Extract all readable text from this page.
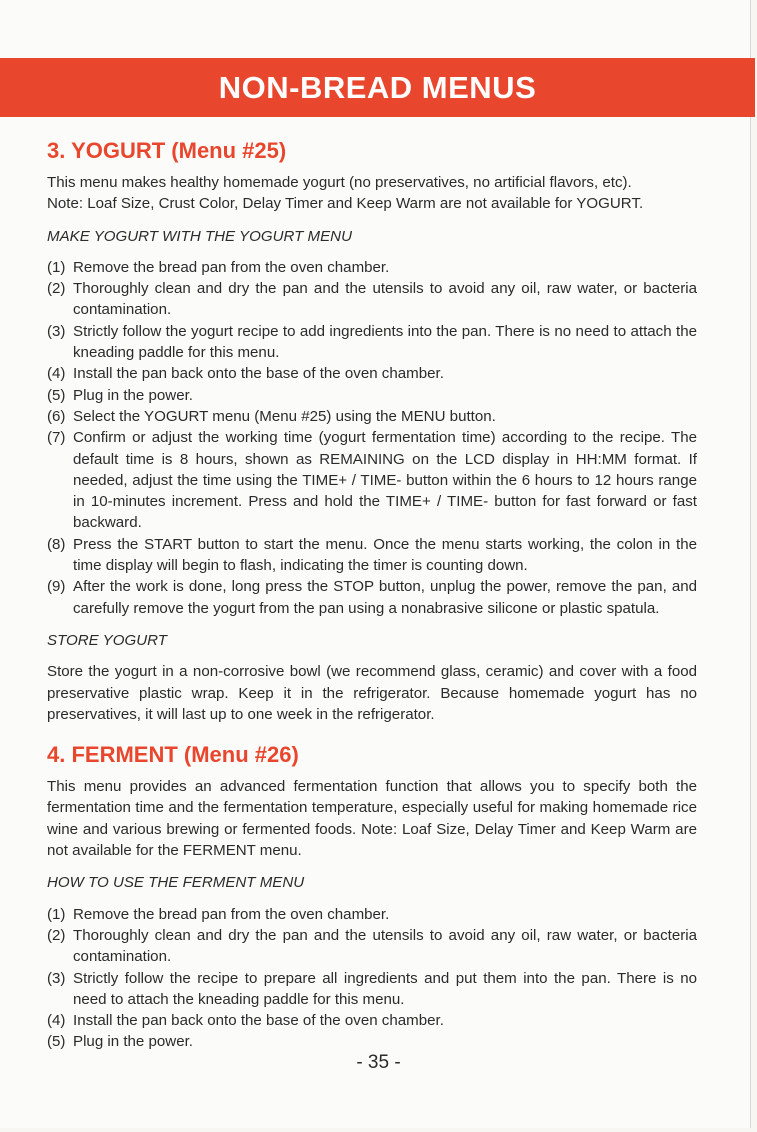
NON-BREAD MENUS
3. YOGURT (Menu #25)

This menu makes healthy homemade yogurt (no preservatives, no artificial flavors, etc).

Note: Loaf Size, Crust Color, Delay Timer and Keep Warm are not available for YOGURT.

MAKE YOGURT WITH THE YOGURT MENU
(1) Remove the bread pan from the oven chamber.
(2) Thoroughly clean and dry the pan and the utensils to avoid any oil, raw water, or bacteria contamination.
(3) Strictly follow the yogurt recipe to add ingredients into the pan. There is no need to attach the kneading paddle for this menu.
(4) Install the pan back onto the base of the oven chamber.
(5) Plug in the power.
(6) Select the YOGURT menu (Menu #25) using the MENU button.
(7) Confirm or adjust the working time (yogurt fermentation time) according to the recipe. The default time is 8 hours, shown as REMAINING on the LCD display in HH:MM format. If needed, adjust the time using the TIME+ / TIME- button within the 6 hours to 12 hours range in 10-minutes increment. Press and hold the TIME+ / TIME- button for fast forward or fast backward.
(8) Press the START button to start the menu. Once the menu starts working, the colon in the time display will begin to flash, indicating the timer is counting down.
(9) After the work is done, long press the STOP button, unplug the power, remove the pan, and carefully remove the yogurt from the pan using a nonabrasive silicone or plastic spatula.
STORE YOGURT

Store the yogurt in a non-corrosive bowl (we recommend glass, ceramic) and cover with a food preservative plastic wrap. Keep it in the refrigerator. Because homemade yogurt has no preservatives, it will last up to one week in the refrigerator.

4. FERMENT (Menu #26)

This menu provides an advanced fermentation function that allows you to specify both the fermentation time and the fermentation temperature, especially useful for making homemade rice wine and various brewing or fermented foods. Note: Loaf Size, Delay Timer and Keep Warm are not available for the FERMENT menu.

HOW TO USE THE FERMENT MENU
(1) Remove the bread pan from the oven chamber.
(2) Thoroughly clean and dry the pan and the utensils to avoid any oil, raw water, or bacteria contamination.
(3) Strictly follow the recipe to prepare all ingredients and put them into the pan. There is no need to attach the kneading paddle for this menu.
(4) Install the pan back onto the base of the oven chamber.
(5) Plug in the power.
- 35 -
